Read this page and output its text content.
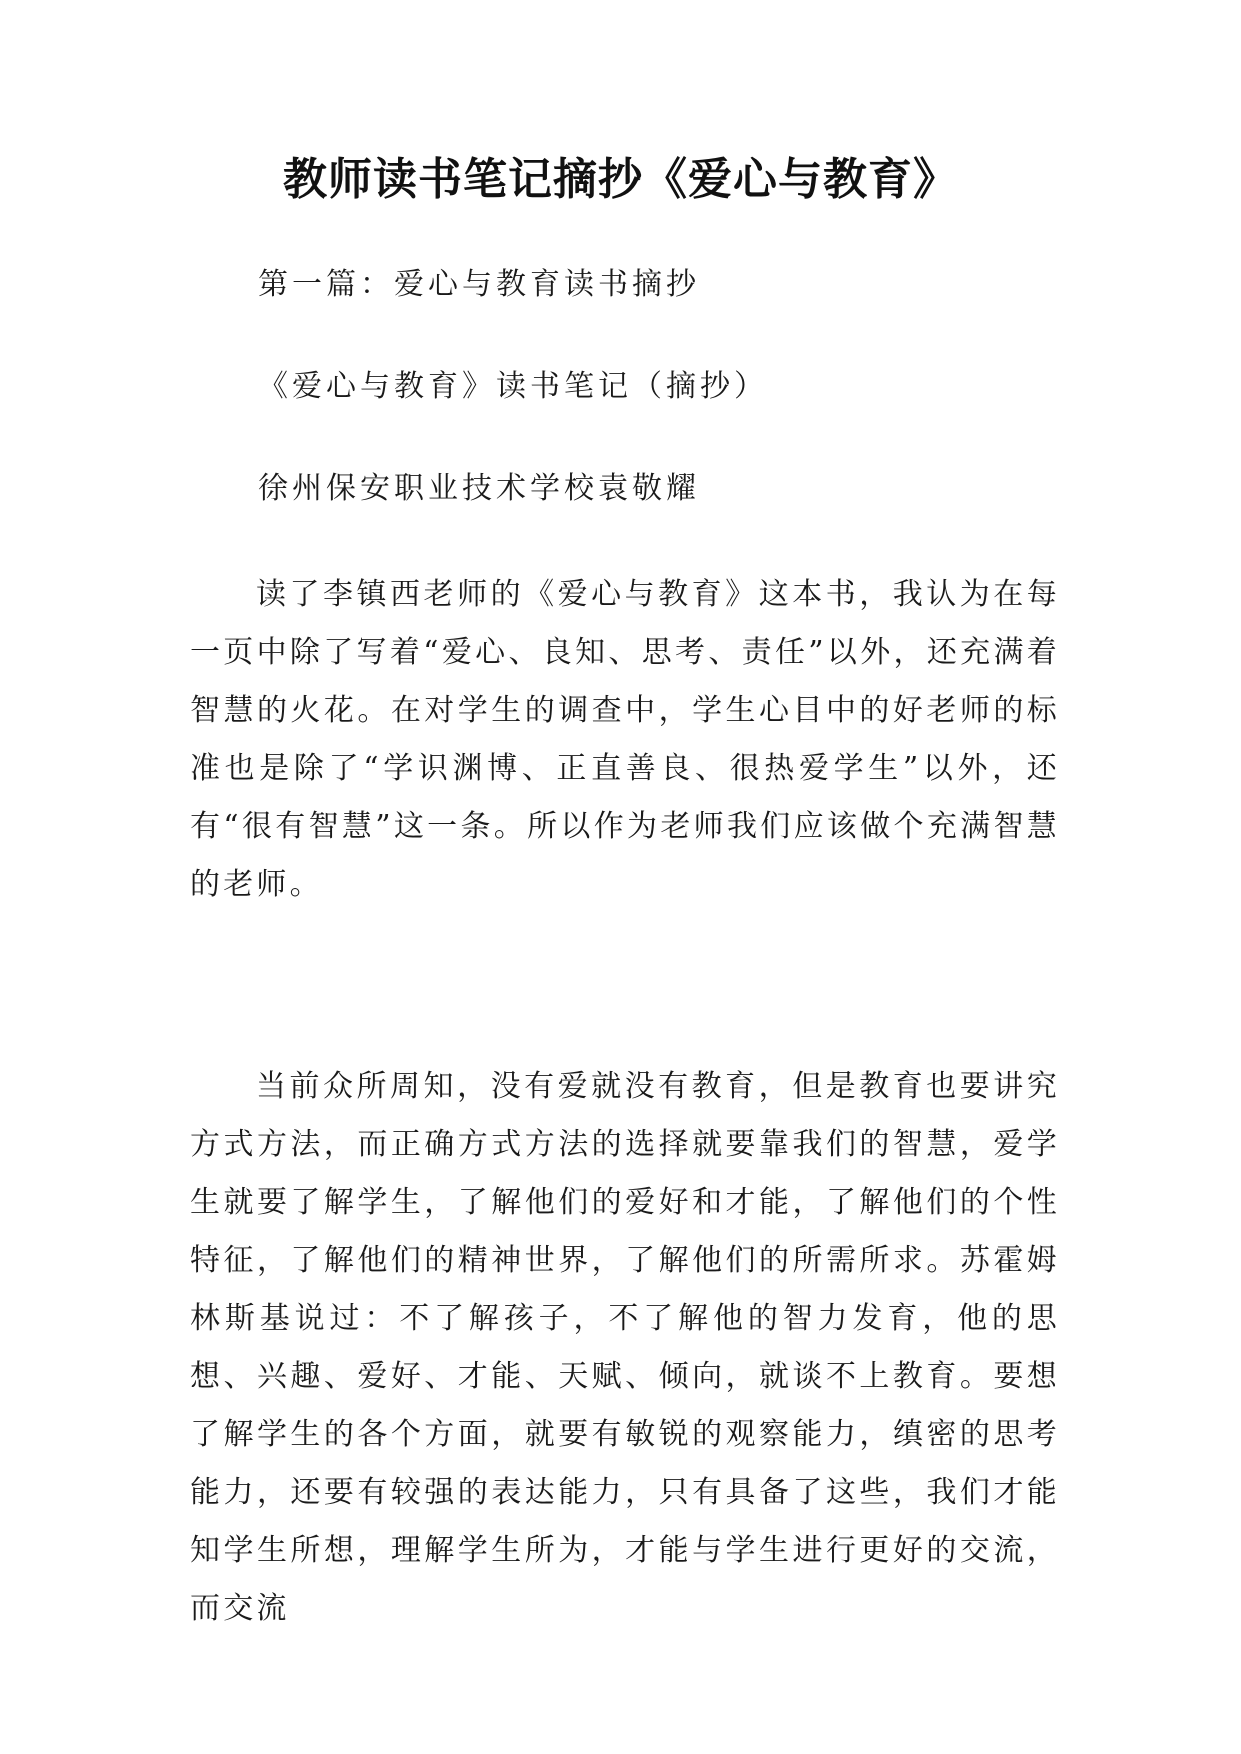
教师读书笔记摘抄《爱心与教育》
第一篇：爱心与教育读书摘抄
《爱心与教育》读书笔记（摘抄）
徐州保安职业技术学校袁敬耀
读了李镇西老师的《爱心与教育》这本书，我认为在每一页中除了写着“爱心、良知、思考、责任”以外，还充满着智慧的火花。在对学生的调查中，学生心目中的好老师的标准也是除了“学识渊博、正直善良、很热爱学生”以外，还有“很有智慧”这一条。所以作为老师我们应该做个充满智慧的老师。
当前众所周知，没有爱就没有教育，但是教育也要讲究方式方法，而正确方式方法的选择就要靠我们的智慧，爱学生就要了解学生，了解他们的爱好和才能，了解他们的个性特征，了解他们的精神世界，了解他们的所需所求。苏霍姆林斯基说过：不了解孩子，不了解他的智力发育，他的思想、兴趣、爱好、才能、天赋、倾向，就谈不上教育。要想了解学生的各个方面，就要有敏锐的观察能力，缜密的思考能力，还要有较强的表达能力，只有具备了这些，我们才能知学生所想，理解学生所为，才能与学生进行更好的交流，而交流
